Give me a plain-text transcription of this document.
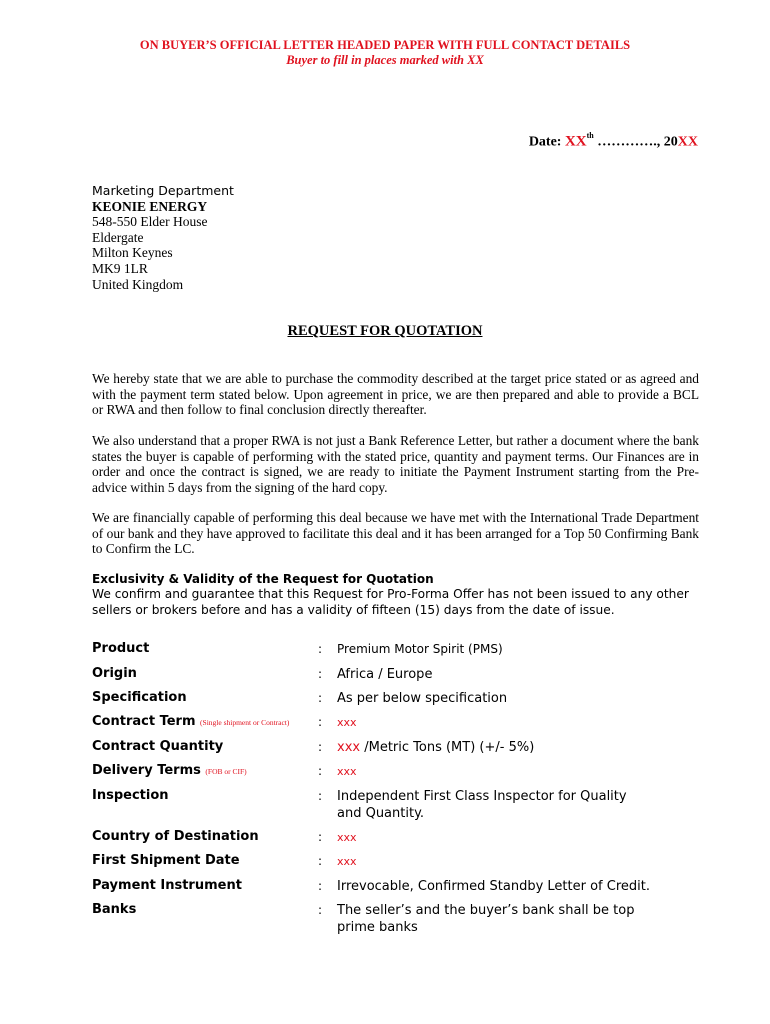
ON BUYER’S OFFICIAL LETTER HEADED PAPER WITH FULL CONTACT DETAILS
Buyer to fill in places marked with XX
Date: XXth …………., 20XX
Marketing Department
KEONIE ENERGY
548-550 Elder House
Eldergate
Milton Keynes
MK9 1LR
United Kingdom
REQUEST FOR QUOTATION

We hereby state that we are able to purchase the commodity described at the target price stated or as agreed and with the payment term stated below. Upon agreement in price, we are then prepared and able to provide a BCL or RWA and then follow to final conclusion directly thereafter.

We also understand that a proper RWA is not just a Bank Reference Letter, but rather a document where the bank states the buyer is capable of performing with the stated price, quantity and payment terms. Our Finances are in order and once the contract is signed, we are ready to initiate the Payment Instrument starting from the Pre-advice within 5 days from the signing of the hard copy.

We are financially capable of performing this deal because we have met with the International Trade Department of our bank and they have approved to facilitate this deal and it has been arranged for a Top 50 Confirming Bank to Confirm the LC.

Exclusivity & Validity of the Request for Quotation

We confirm and guarantee that this Request for Pro-Forma Offer has not been issued to any other sellers or brokers before and has a validity of fifteen (15) days from the date of issue.

Product	: Premium Motor Spirit (PMS)
Origin	: Africa / Europe
Specification	: As per below specification
Contract Term (Single shipment or Contract) : xxx
Contract Quantity	: xxx /Metric Tons (MT) (+/- 5%)
Delivery Terms (FOB or CIF)	: xxx
Inspection	: Independent First Class Inspector for Quality and Quantity.
Country of Destination	: xxx
First Shipment Date	: xxx
Payment Instrument	: Irrevocable, Confirmed Standby Letter of Credit.
Banks	: The seller’s and the buyer’s bank shall be top prime banks
